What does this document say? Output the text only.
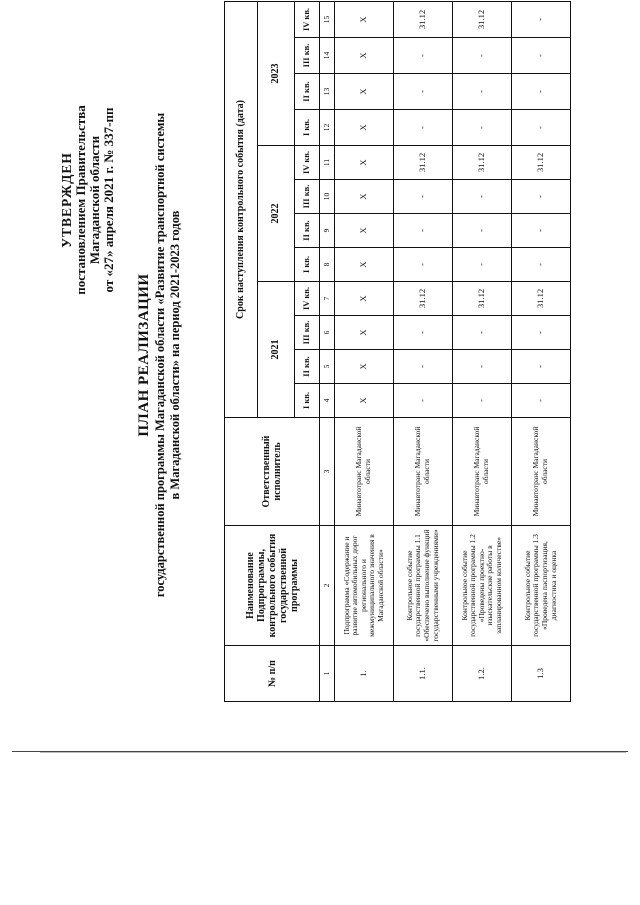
УТВЕРЖДЕН постановлением Правительства Магаданской области от «27» апреля 2021 г. № 337-пп
ПЛАН РЕАЛИЗАЦИИ государственной программы Магаданской области «Развитие транспортной системы в Магаданской области» на период 2021-2023 годов
№ п/п	Наименование Подпрограммы, контрольного события государственной программы	Ответственный исполнитель	Срок наступления контрольного события (дата)											
			2021				2022				2023			
			I кв.	II кв.	III кв.	IV кв.	I кв.	II кв.	III кв.	IV кв.	I кв.	II кв.	III кв.	IV кв.
1	2	3	4	5	6	7	8	9	10	11	12	13	14	15
1.	Подпрограмма «Содержание и развитие автомобильных дорог регионального и межмуниципального значения в Магаданской области»	Минавтотранс Магаданской области	Х	Х	Х	Х	Х	Х	Х	Х	Х	Х	Х	Х
1.1.	Контрольное событие государственной программы 1.1 «Обеспечено выполнение функций государственными учреждениями»	Минавтотранс Магаданской области	-	-	-	31.12	-	-	-	31.12	-	-	-	31.12
1.2.	Контрольное событие государственной программы 1.2 «Проведены проектно-изыскательские работы в запланированном количестве»	Минавтотранс Магаданской области	-	-	-	31.12	-	-	-	31.12	-	-	-	31.12
1.3	Контрольное событие государственной программы 1.3 «Проведена паспортизация, диагностика и оценка	Минавтотранс Магаданской области	-	-	-	31.12	-	-	-	31.12	-	-	-	-
